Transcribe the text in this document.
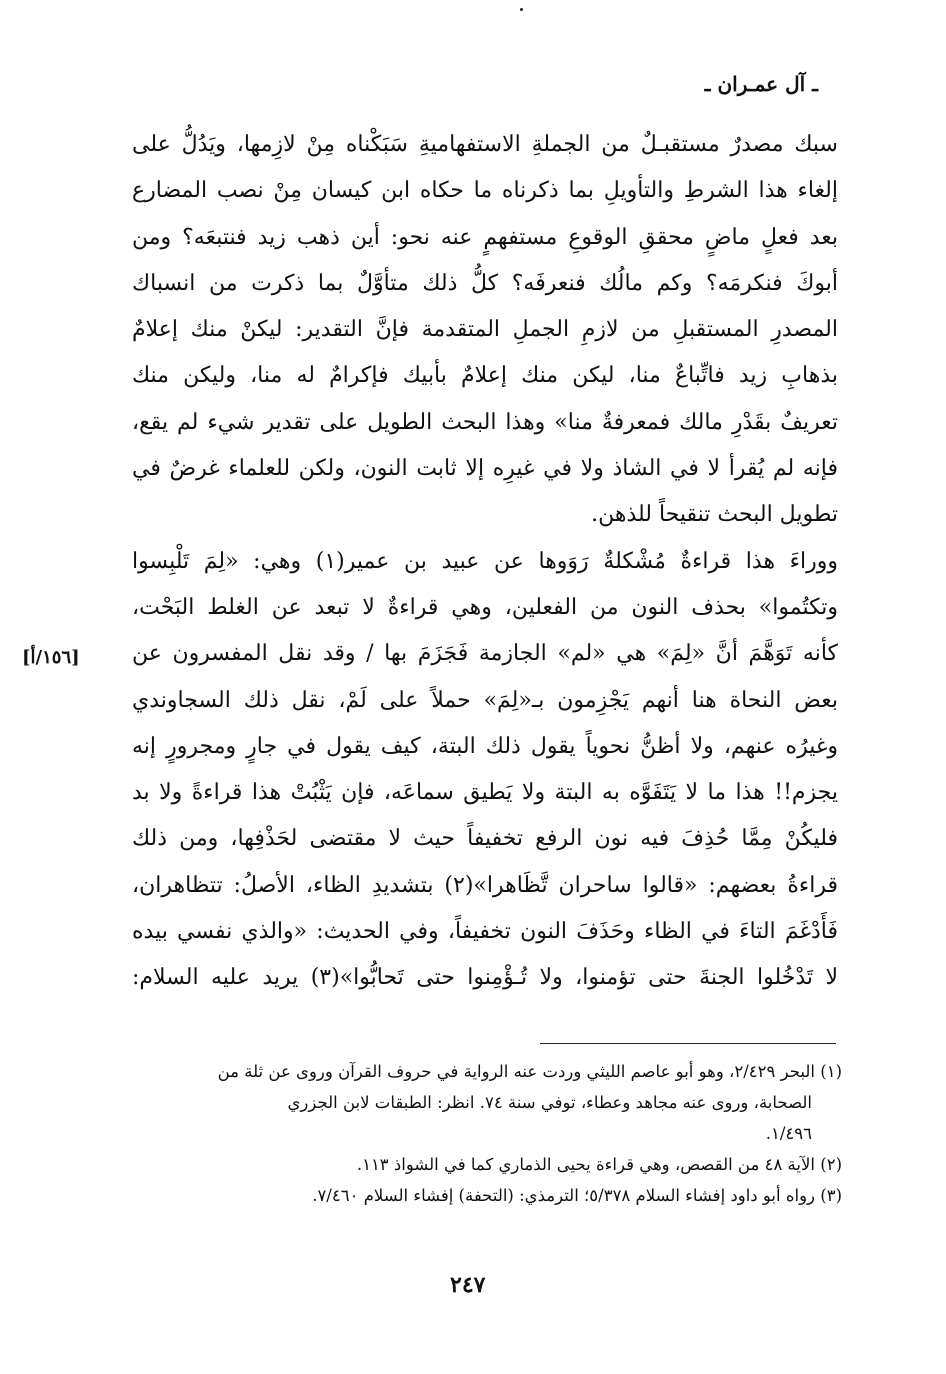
ـ آل عمـران ـ
سبك مصدرٌ مستقبـلٌ من الجملةِ الاستفهاميةِ سَبَكْناه مِنْ لازِمها، ويَدُلُّ على
إلغاء هذا الشرطِ والتأويلِ بما ذكرناه ما حكاه ابن كيسان مِنْ نصب المضارع
بعد فعلٍ ماضٍ محققِ الوقوعِ مستفهمٍ عنه نحو: أين ذهب زيد فنتبعَه؟ ومن
أبوكَ فنكرمَه؟ وكم مالُك فنعرفَه؟ كلُّ ذلك متأوَّلٌ بما ذكرت من انسباك
المصدرِ المستقبلِ من لازمِ الجملِ المتقدمة فإنَّ التقدير: ليكنْ منك إعلامٌ
بذهابِ زيد فاتِّباعٌ منا، ليكن منك إعلامٌ بأبيك فإكرامٌ له منا، وليكن منك
تعريفٌ بقَدْرِ مالك فمعرفةٌ منا» وهذا البحث الطويل على تقدير شيء لم يقع،
فإنه لم يُقرأ لا في الشاذ ولا في غيرِه إلا ثابت النون، ولكن للعلماء غرضٌ في
تطويل البحث تنقيحاً للذهن.
ووراءَ هذا قراءةٌ مُشْكلةٌ رَوَوها عن عبيد بن عمير(١) وهي: «لِمَ تَلْبِسوا
وتكتُموا» بحذف النون من الفعلين، وهي قراءةٌ لا تبعد عن الغلط البَحْت،
كأنه تَوَهَّمَ أنَّ «لِمَ» هي «لم» الجازمة فَجَزَمَ بها / وقد نقل المفسرون عن
بعض النحاة هنا أنهم يَجْزِمون بـ«لِمَ» حملاً على لَمْ، نقل ذلك السجاوندي
وغيرُه عنهم، ولا أظنُّ نحوياً يقول ذلك البتة، كيف يقول في جارٍ ومجرورٍ إنه
يجزم!! هذا ما لا يَتَفَوَّه به البتة ولا يَطيق سماعَه، فإن يَثْبُتْ هذا قراءةً ولا بد
فليكُنْ مِمَّا حُذِفَ فيه نون الرفع تخفيفاً حيث لا مقتضى لحَذْفِها، ومن ذلك
قراءةُ بعضهم: «قالوا ساحران تَّظَاهرا»(٢) بتشديدِ الظاء، الأصلُ: تتظاهران،
فَأَدْغَمَ التاءَ في الظاء وحَذَفَ النون تخفيفاً، وفي الحديث: «والذي نفسي بيده
لا تَدْخُلوا الجنةَ حتى تؤمنوا، ولا تُـؤْمِنوا حتى تَحابُّوا»(٣) يريد عليه السلام:
[١٥٦/أ]
(١) البحر ٢/٤٢٩، وهو أبو عاصم الليثي وردت عنه الرواية في حروف القرآن وروى عن ثلة من
الصحابة، وروى عنه مجاهد وعطاء، توفي سنة ٧٤. انظر: الطبقات لابن الجزري
١/٤٩٦.
(٢) الآية ٤٨ من القصص، وهي قراءة يحيى الذماري كما في الشواذ ١١٣.
(٣) رواه أبو داود إفشاء السلام ٥/٣٧٨؛ الترمذي: (التحفة) إفشاء السلام ٧/٤٦٠.
٢٤٧
